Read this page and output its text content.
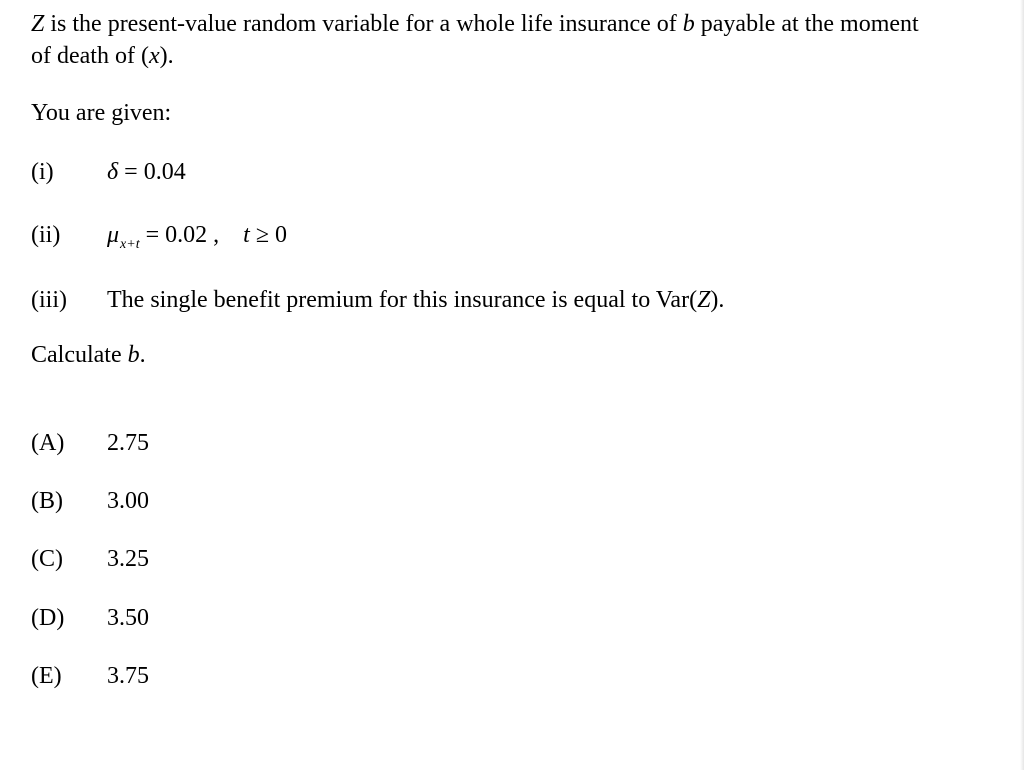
Z is the present-value random variable for a whole life insurance of b payable at the moment
of death of (x).
You are given:
(i) δ = 0.04
(ii) $\mu_{x+t} = 0.02$ , t ≥ 0
(iii) The single benefit premium for this insurance is equal to Var(Z).
Calculate b.
(A) 2.75
(B) 3.00
(C) 3.25
(D) 3.50
(E) 3.75
